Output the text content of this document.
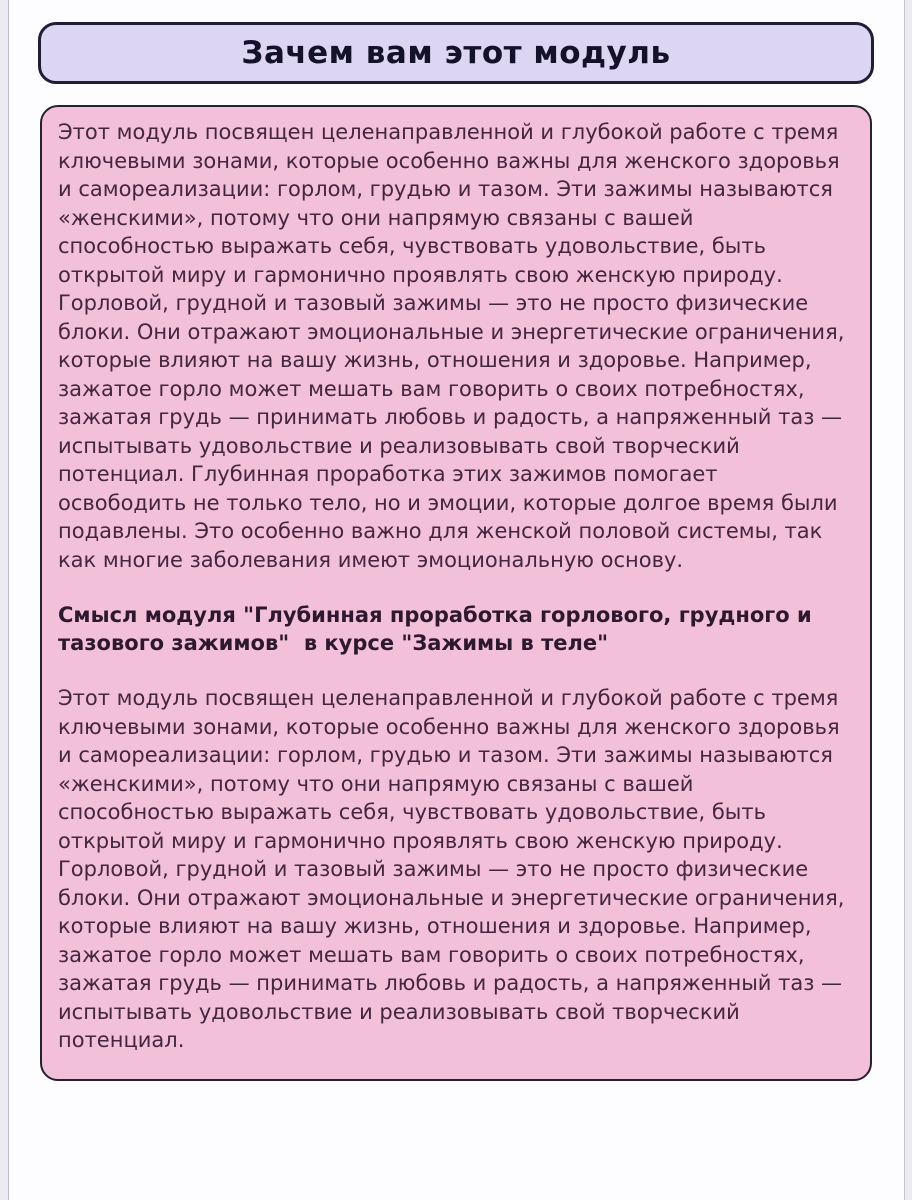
Зачем вам этот модуль

Этот модуль посвящен целенаправленной и глубокой работе с тремя ключевыми зонами, которые особенно важны для женского здоровья и самореализации: горлом, грудью и тазом. Эти зажимы называются «женскими», потому что они напрямую связаны с вашей способностью выражать себя, чувствовать удовольствие, быть открытой миру и гармонично проявлять свою женскую природу.

Горловой, грудной и тазовый зажимы — это не просто физические блоки. Они отражают эмоциональные и энергетические ограничения, которые влияют на вашу жизнь, отношения и здоровье. Например, зажатое горло может мешать вам говорить о своих потребностях, зажатая грудь — принимать любовь и радость, а напряженный таз — испытывать удовольствие и реализовывать свой творческий потенциал. Глубинная проработка этих зажимов помогает освободить не только тело, но и эмоции, которые долгое время были подавлены. Это особенно важно для женской половой системы, так как многие заболевания имеют эмоциональную основу.

Смысл модуля "Глубинная проработка горлового, грудного и тазового зажимов"  в курсе "Зажимы в теле"

Этот модуль посвящен целенаправленной и глубокой работе с тремя ключевыми зонами, которые особенно важны для женского здоровья и самореализации: горлом, грудью и тазом. Эти зажимы называются «женскими», потому что они напрямую связаны с вашей способностью выражать себя, чувствовать удовольствие, быть открытой миру и гармонично проявлять свою женскую природу.

Горловой, грудной и тазовый зажимы — это не просто физические блоки. Они отражают эмоциональные и энергетические ограничения, которые влияют на вашу жизнь, отношения и здоровье. Например, зажатое горло может мешать вам говорить о своих потребностях, зажатая грудь — принимать любовь и радость, а напряженный таз — испытывать удовольствие и реализовывать свой творческий потенциал.
